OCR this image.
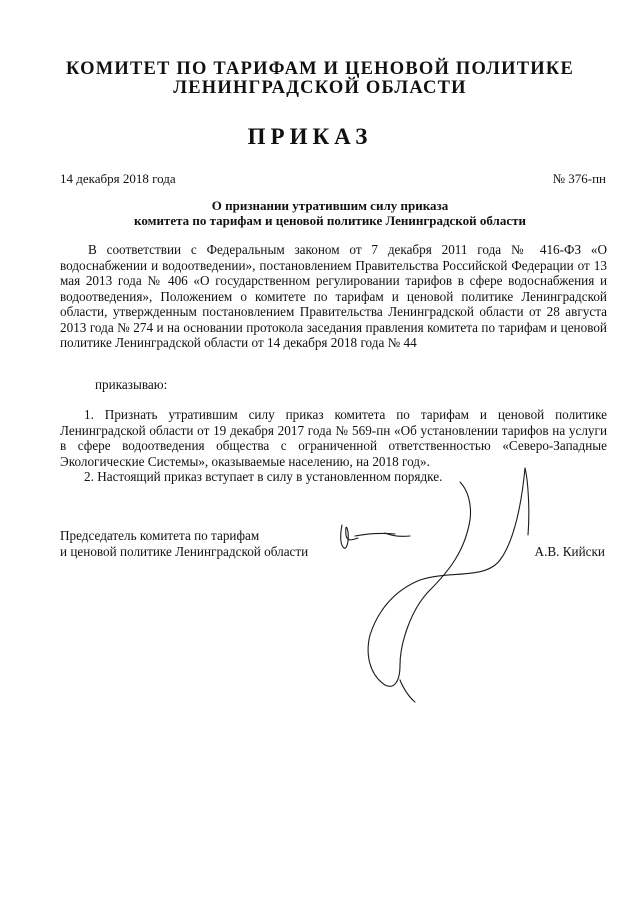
КОМИТЕТ ПО ТАРИФАМ И ЦЕНОВОЙ ПОЛИТИКЕ
ЛЕНИНГРАДСКОЙ ОБЛАСТИ
ПРИКАЗ
14 декабря 2018 года	№ 376-пн
О признании утратившим силу приказа
комитета по тарифам и ценовой политике Ленинградской области
В соответствии с Федеральным законом от 7 декабря 2011 года № 416-ФЗ «О водоснабжении и водоотведении», постановлением Правительства Российской Федерации от 13 мая 2013 года № 406 «О государственном регулировании тарифов в сфере водоснабжения и водоотведения», Положением о комитете по тарифам и ценовой политике Ленинградской области, утвержденным постановлением Правительства Ленинградской области от 28 августа 2013 года № 274 и на основании протокола заседания правления комитета по тарифам и ценовой политике Ленинградской области от 14 декабря 2018 года № 44
приказываю:

1. Признать утратившим силу приказ комитета по тарифам и ценовой политике Ленинградской области от 19 декабря 2017 года № 569-пн «Об установлении тарифов на услуги в сфере водоотведения общества с ограниченной ответственностью «Северо-Западные Экологические Системы», оказываемые населению, на 2018 год».

2. Настоящий приказ вступает в силу в установленном порядке.

Председатель комитета по тарифам
и ценовой политике Ленинградской области	А.В. Кийски
